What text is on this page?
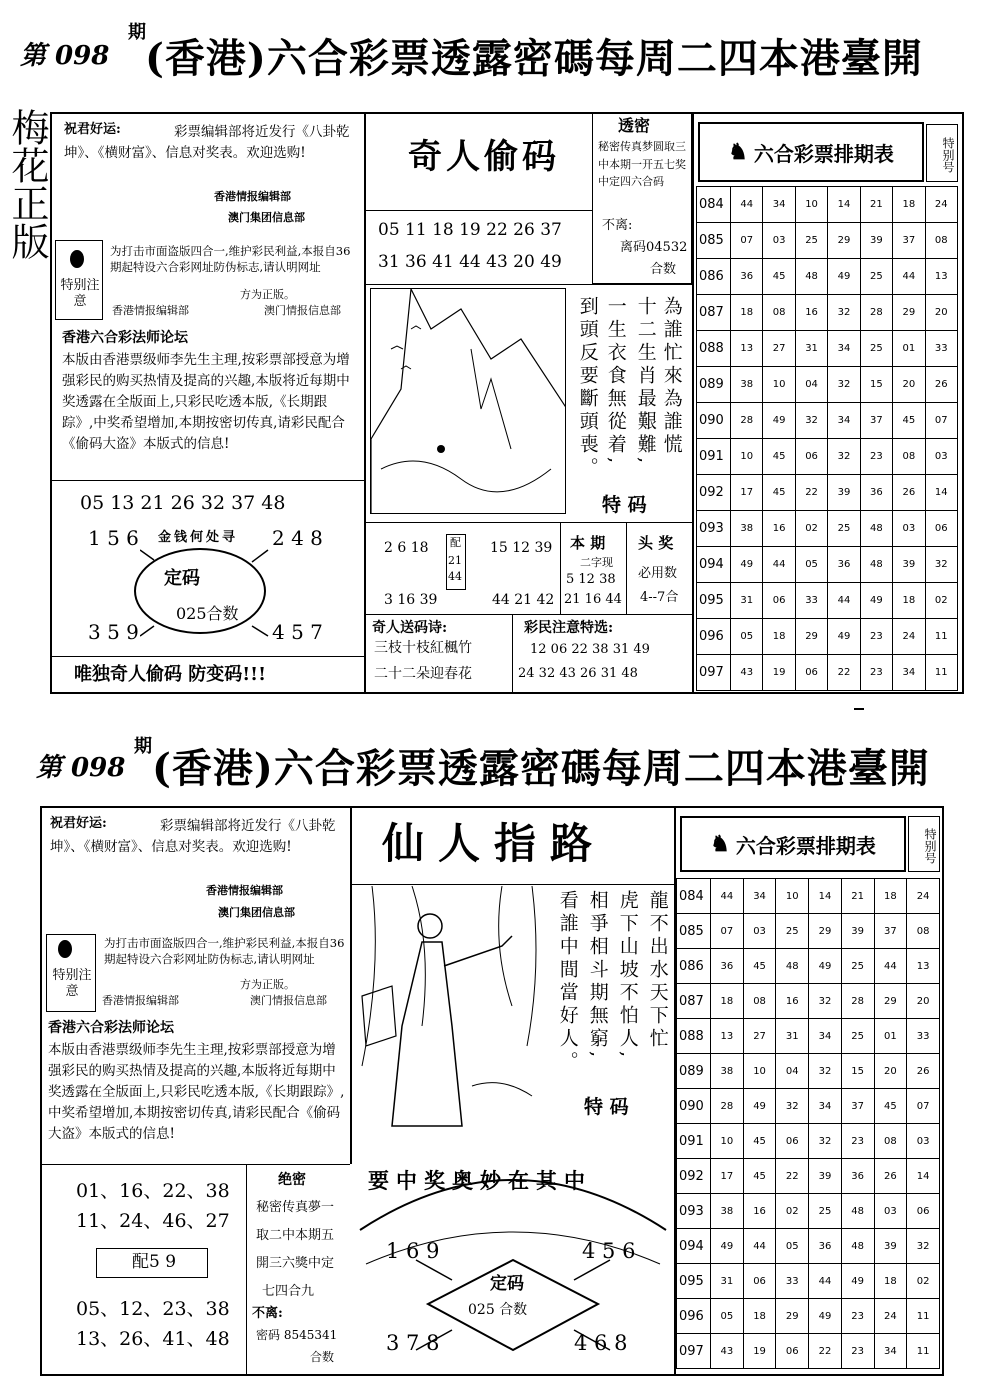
第 098
期
(香港)六合彩票透露密碼每周二四本港臺開
梅花正版 祝君好运:	彩票编辑部将近发行《八卦乾坤》、《横财富》、信息对奖表。欢迎选购!
香港情报编辑部
澳门集团信息部
特别注意
为打击市面盗版四合一,维护彩民利益,本报自36期起特设六合彩网址防伪标志,请认明网址
方为正版。
香港情报编辑部	澳门情报信息部
香港六合彩法师论坛
本版由香港票级师李先生主理,按彩票部授意为增强彩民的购买热情及提高的兴趣,本版将近每期中奖透露在全版面上,只彩民吃透本版,《长期跟踪》,中奖希望增加,本期按密切传真,请彩民配合《偷码大盗》本版式的信息!
05 13 21 26 32 37 48
1 5 6	2 4 8
金钱何处寻
定码
025合数
3 5 9	4 5 7
唯独奇人偷码 防变码!!!
奇人偷码
05 11 18 19 22 26 37
31 36 41 44 43 20 49
透密
秘密传真梦圆取三中本期一开五七奖中定四六合码
不离:
离码04532
合数
為誰忙來為誰慌
十二生肖最艱難,
一生衣食無從着,
到頭反要斷頭喪。
特 码
2 6 18
3 16 39
配
21
44
15 12 39
44 21 42
本 期
二字现
5 12 38
21 16 44
头 奖
必用数
4--7合
奇人送码诗:
三枝十枝紅楓竹
二十二朵迎春花
彩民注意特选:
12 06 22 38 31 49
24 32 43 26 31 48
♞ 六合彩票排期表	特别号
084	44	34	10	14	21	18	24
085	07	03	25	29	39	37	08
086	36	45	48	49	25	44	13
087	18	08	16	32	28	29	20
088	13	27	31	34	25	01	33
089	38	10	04	32	15	20	26
090	28	49	32	34	37	45	07
091	10	45	06	32	23	08	03
092	17	45	22	39	36	26	14
093	38	16	02	25	48	03	06
094	49	44	05	36	48	39	32
095	31	06	33	44	49	18	02
096	05	18	29	49	23	24	11
097	43	19	06	22	23	34	11
第 098
期 (香港)六合彩票透露密碼每周二四本港臺開
祝君好运:	彩票编辑部将近发行《八卦乾坤》、《横财富》、信息对奖表。欢迎选购!
香港情报编辑部
澳门集团信息部
特别注意
为打击市面盗版四合一,维护彩民利益,本报自36期起特设六合彩网址防伪标志,请认明网址
方为正版。
香港情报编辑部	澳门情报信息部
香港六合彩法师论坛
本版由香港票级师李先生主理,按彩票部授意为增强彩民的购买热情及提高的兴趣,本版将近每期中奖透露在全版面上,只彩民吃透本版,《长期跟踪》,中奖希望增加,本期按密切传真,请彩民配合《偷码大盗》本版式的信息!
01、16、22、38
11、24、46、27
配5 9
05、12、23、38
13、26、41、48
绝密
秘密传真夢一
取二中本期五
開三六獎中定
七四合九
不离:
密码 8545341
合数
仙人指路
龍不出水天下忙
虎下山坡不怕人,
相爭相斗期無窮,
看誰中間當好人。
特 码
要中奖奥妙在其中
1 6 9	4 5 6
定码
025 合数
3 7 8	4 6 8
♞ 六合彩票排期表	特别号
084	44	34	10	14	21	18	24
085	07	03	25	29	39	37	08
086	36	45	48	49	25	44	13
087	18	08	16	32	28	29	20
088	13	27	31	34	25	01	33
089	38	10	04	32	15	20	26
090	28	49	32	34	37	45	07
091	10	45	06	32	23	08	03
092	17	45	22	39	36	26	14
093	38	16	02	25	48	03	06
094	49	44	05	36	48	39	32
095	31	06	33	44	49	18	02
096	05	18	29	49	23	24	11
097	43	19	06	22	23	34	11
